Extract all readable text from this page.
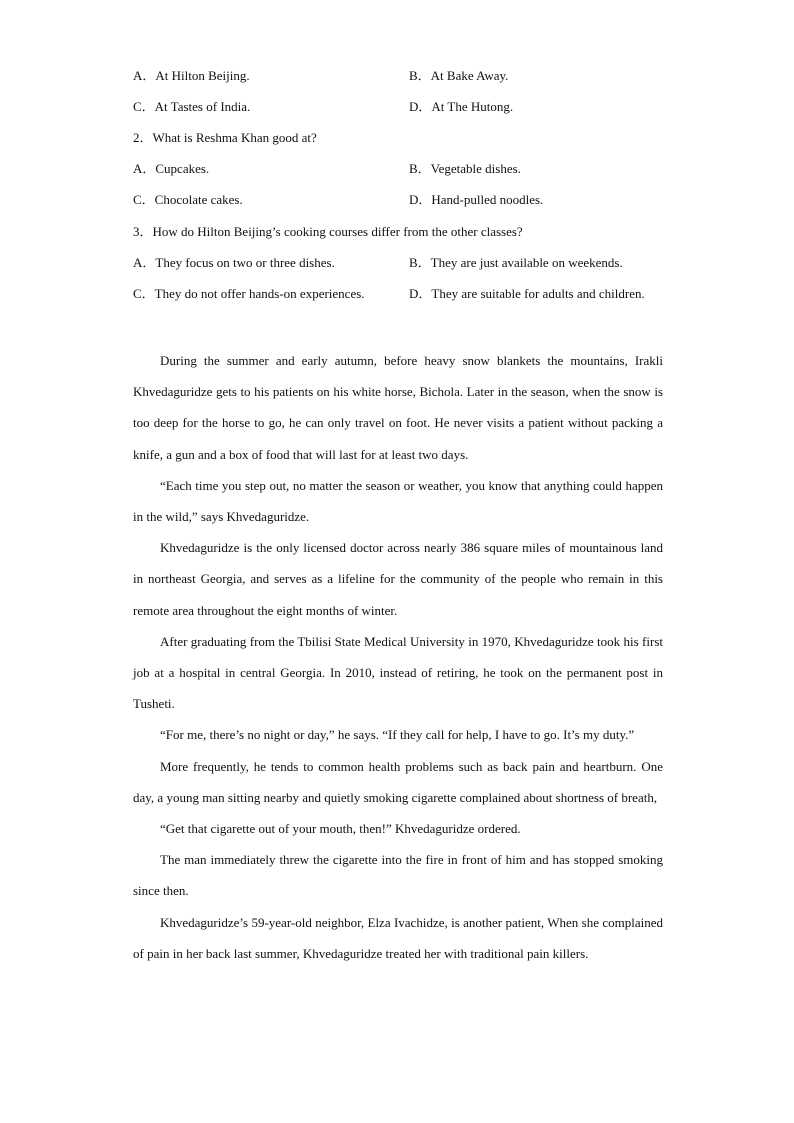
A．At Hilton Beijing.	B．At Bake Away.
C．At Tastes of India.	D．At The Hutong.
2．What is Reshma Khan good at?
A．Cupcakes.	B．Vegetable dishes.
C．Chocolate cakes.	D．Hand-pulled noodles.
3．How do Hilton Beijing’s cooking courses differ from the other classes?
A．They focus on two or three dishes.	B．They are just available on weekends.
C．They do not offer hands-on experiences.	D．They are suitable for adults and children.

During the summer and early autumn, before heavy snow blankets the mountains, Irakli Khvedaguridze gets to his patients on his white horse, Bichola. Later in the season, when the snow is too deep for the horse to go, he can only travel on foot. He never visits a patient without packing a knife, a gun and a box of food that will last for at least two days.

“Each time you step out, no matter the season or weather, you know that anything could happen in the wild,” says Khvedaguridze.

Khvedaguridze is the only licensed doctor across nearly 386 square miles of mountainous land in northeast Georgia, and serves as a lifeline for the community of the people who remain in this remote area throughout the eight months of winter.

After graduating from the Tbilisi State Medical University in 1970, Khvedaguridze took his first job at a hospital in central Georgia. In 2010, instead of retiring, he took on the permanent post in Tusheti.

“For me, there’s no night or day,” he says. “If they call for help, I have to go. It’s my duty.”

More frequently, he tends to common health problems such as back pain and heartburn. One day, a young man sitting nearby and quietly smoking cigarette complained about shortness of breath,

“Get that cigarette out of your mouth, then!” Khvedaguridze ordered.

The man immediately threw the cigarette into the fire in front of him and has stopped smoking since then.

Khvedaguridze’s 59-year-old neighbor, Elza Ivachidze, is another patient, When she complained of pain in her back last summer, Khvedaguridze treated her with traditional pain killers.
